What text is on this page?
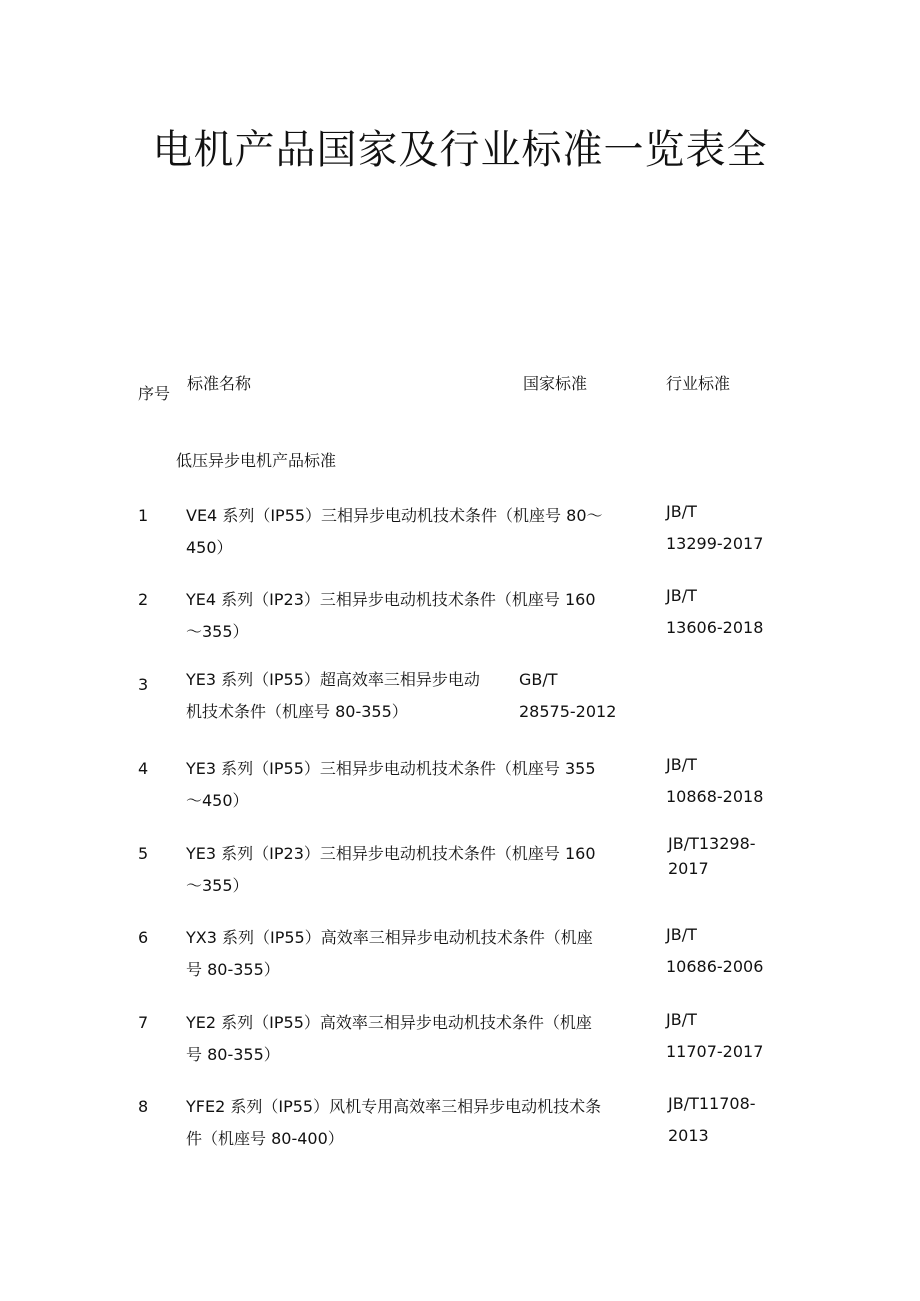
电机产品国家及行业标准一览表全
序号
标准名称	国家标准	行业标准
低压异步电机产品标准
1 VE4 系列（IP55）三相异步电动机技术条件（机座号 80～
450）
JB/T
13299-2017
2 YE4 系列（IP23）三相异步电动机技术条件（机座号 160
～355）
JB/T
13606-2018
3 YE3 系列（IP55）超高效率三相异步电动
机技术条件（机座号 80-355）
GB/T
28575-2012
4 YE3 系列（IP55）三相异步电动机技术条件（机座号 355
～450）
JB/T
10868-2018
5 YE3 系列（IP23）三相异步电动机技术条件（机座号 160
～355）
JB/T13298-
2017
6 YX3 系列（IP55）高效率三相异步电动机技术条件（机座
号 80-355）
JB/T
10686-2006
7 YE2 系列（IP55）高效率三相异步电动机技术条件（机座
号 80-355）
JB/T
11707-2017
8 YFE2 系列（IP55）风机专用高效率三相异步电动机技术条
件（机座号 80-400）
JB/T11708-
2013
